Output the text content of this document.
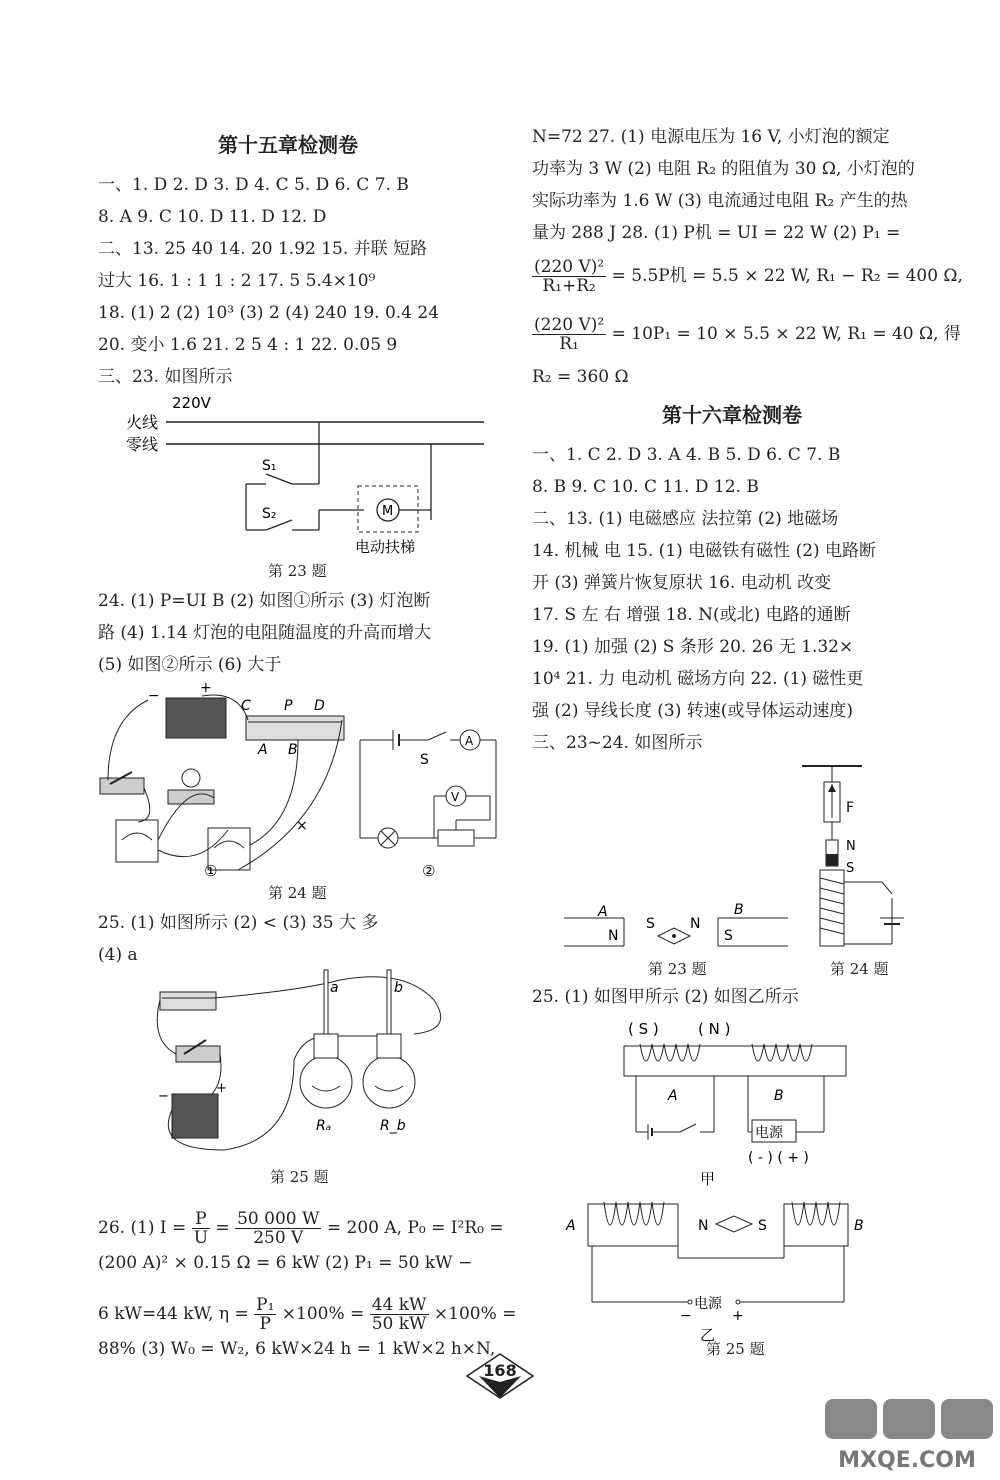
第十五章检测卷
一、1. D 2. D 3. D 4. C 5. D 6. C 7. B
8. A 9. C 10. D 11. D 12. D
二、13. 25 40 14. 20 1.92 15. 并联 短路
过大 16. 1 : 1 1 : 2 17. 5 5.4×10⁹
18. (1) 2 (2) 10³ (3) 2 (4) 240 19. 0.4 24
20. 变小 1.6 21. 2 5 4 : 1 22. 0.05 9
三、23. 如图所示
220V
火线
零线
M
S₁
S₂
电动扶梯
第 23 题
24. (1) P=UI B (2) 如图①所示 (3) 灯泡断
路 (4) 1.14 灯泡的电阻随温度的升高而增大
(5) 如图②所示 (6) 大于
−	+
C P D
A B
×
①
S
A
V
②
第 24 题
25. (1) 如图所示 (2) < (3) 35 大 多
(4) a
−
+
a	b
Rₐ	R_b
第 25 题
26. (1) $I = \frac{P}{U} = \frac{50 000 W}{250 V} = 200$ A, P₀ = I²R₀ =
(200 A)² × 0.15 Ω = 6 kW (2) P₁ = 50 kW −
6 kW=44 kW, $\eta = \frac{\text{P₁}}{P} \times 100\% = \frac{44 kW}{50 kW} \times 100\%$ =
88% (3) W₀ = W₂, 6 kW×24 h = 1 kW×2 h×N,
N=72 27. (1) 电源电压为 16 V, 小灯泡的额定
功率为 3 W (2) 电阻 R₂ 的阻值为 30 Ω, 小灯泡的
实际功率为 1.6 W (3) 电流通过电阻 R₂ 产生的热
量为 288 J 28. (1) P机 = UI = 22 W (2) P₁ =
$\frac{\text{(220 V)²}}{\text{R₁+R₂}} = 5.5P$机 = 5.5 × 22 W, R₁ − R₂ = 400 Ω,
$\frac{\text{(220 V)²}}{\text{R₁}} = 10P_1 = 10 \times 5.5 \times 22$ W, R₁ = 40 Ω, 得
R₂ = 360 Ω
第十六章检测卷
一、1. C 2. D 3. A 4. B 5. D 6. C 7. B
8. B 9. C 10. C 11. D 12. B
二、13. (1) 电磁感应 法拉第 (2) 地磁场
14. 机械 电 15. (1) 电磁铁有磁性 (2) 电路断
开 (3) 弹簧片恢复原状 16. 电动机 改变
17. S 左 右 增强 18. N(或北) 电路的通断
19. (1) 加强 (2) S 条形 20. 26 无 1.32×
10⁴ 21. 力 电动机 磁场方向 22. (1) 磁性更
强 (2) 导线长度 (3) 转速(或导体运动速度)
三、23~24. 如图所示
A
N
S	N
B
S
F
N
S
第 23 题	第 24 题
25. (1) 如图甲所示 (2) 如图乙所示
( S )	( N )
A	B
电源
( - ) ( + )
甲
A	B
N	S
电源
−	+
乙
第 25 题
168
MXQE.COM
